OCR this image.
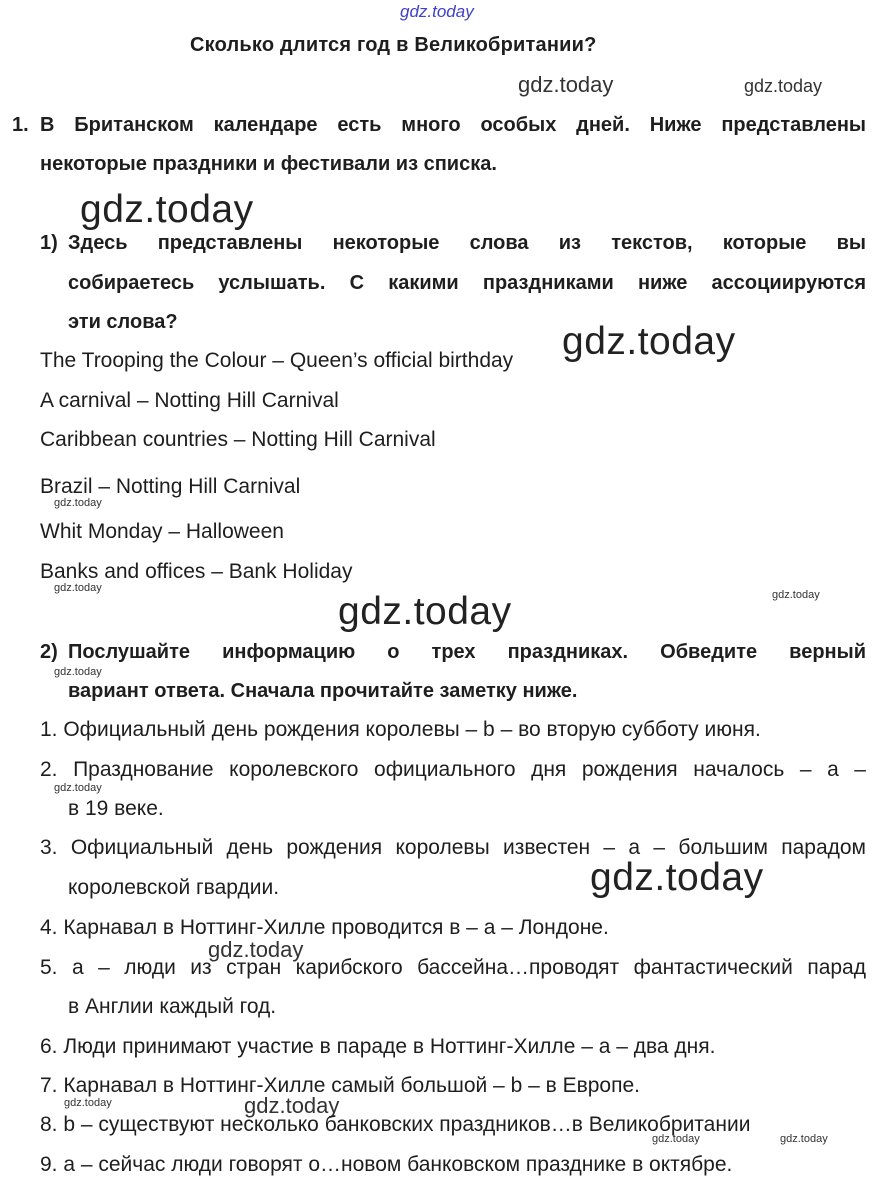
gdz.today
Сколько длится год в Великобритании?
gdz.today	gdz.today
1. В Британском календаре есть много особых дней. Ниже представлены
некоторые праздники и фестивали из списка.
gdz.today
1) Здесь представлены некоторые слова из текстов, которые вы
собираетесь услышать. С какими праздниками ниже ассоциируются
эти слова?
The Trooping the Colour – Queen’s official birthday gdz.today
A carnival – Notting Hill Carnival
Caribbean countries – Notting Hill Carnival
Brazil – Notting Hill Carnival
gdz.today
Whit Monday – Halloween
Banks and offices – Bank Holiday
gdz.today
gdz.today	gdz.today
2) Послушайте информацию о трех праздниках. Обведите верный
gdz.today
вариант ответа. Сначала прочитайте заметку ниже.
1. Официальный день рождения королевы – b – во вторую субботу июня.
2. Празднование королевского официального дня рождения началось – a –
gdz.today
в 19 веке.
3. Официальный день рождения королевы известен – a – большим парадом
королевской гвардии.	gdz.today
4. Карнавал в Ноттинг-Хилле проводится в – a – Лондоне.
gdz.today
5. a – люди из стран карибского бассейна…проводят фантастический парад
в Англии каждый год.
6. Люди принимают участие в параде в Ноттинг-Хилле – a – два дня.
7. Карнавал в Ноттинг-Хилле самый большой – b – в Европе.
gdz.today	gdz.today
8. b – существуют несколько банковских праздников…в Великобритании
gdz.today	gdz.today
9. a – сейчас люди говорят о…новом банковском празднике в октябре.
